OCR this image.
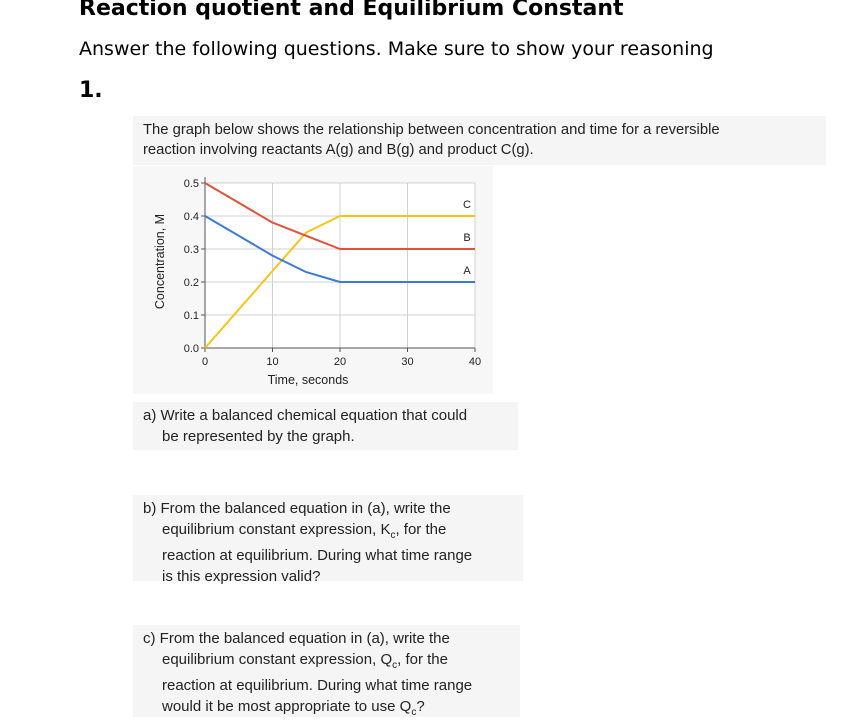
Reaction quotient and Equilibrium Constant
Answer the following questions. Make sure to show your reasoning
1.
The graph below shows the relationship between concentration and time for a reversible
reaction involving reactants A(g) and B(g) and product C(g).
0.0
0.1
0.2
0.3
0.4
0.5
0	10	20	30	40
Time, seconds
Concentration, M
C
B
A
a) Write a balanced chemical equation that could
be represented by the graph.
b) From the balanced equation in (a), write the
equilibrium constant expression, $K_c$, for the
reaction at equilibrium. During what time range
is this expression valid?
c) From the balanced equation in (a), write the
equilibrium constant expression, $Q_c$, for the
reaction at equilibrium. During what time range
would it be most appropriate to use $Q_c$?
